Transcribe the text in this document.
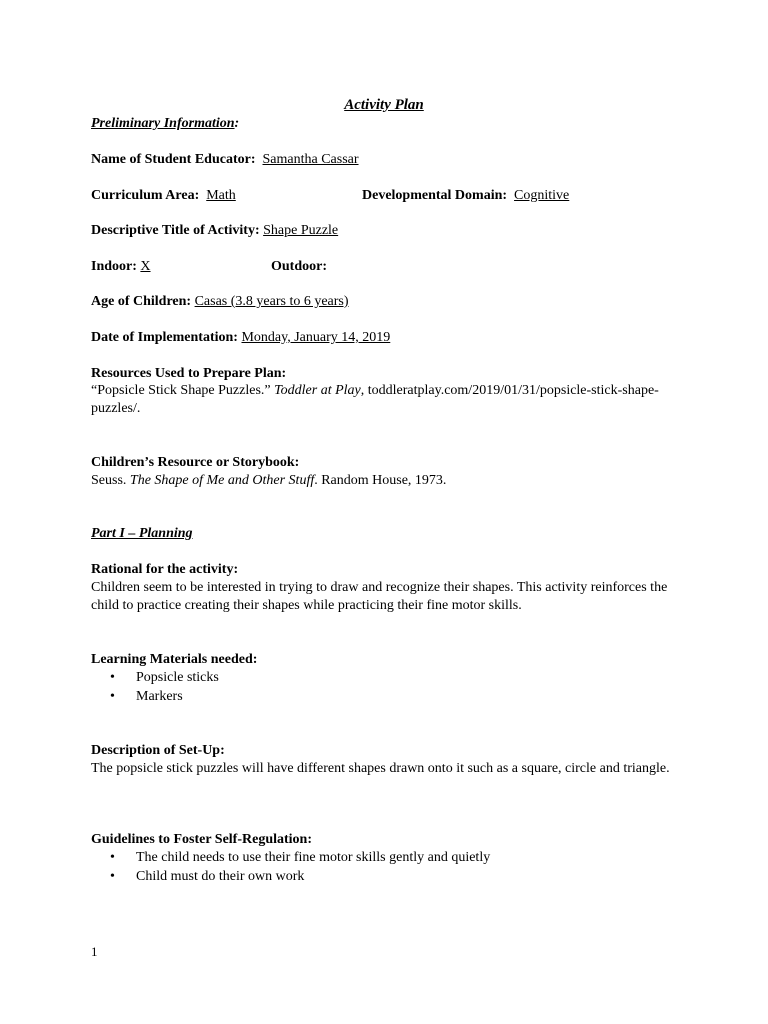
Activity Plan
Preliminary Information:
Name of Student Educator: Samantha Cassar
Curriculum Area: Math	Developmental Domain: Cognitive
Descriptive Title of Activity: Shape Puzzle
Indoor: X	Outdoor:
Age of Children: Casas (3.8 years to 6 years)
Date of Implementation: Monday, January 14, 2019
Resources Used to Prepare Plan:
“Popsicle Stick Shape Puzzles.” Toddler at Play, toddleratplay.com/2019/01/31/popsicle-stick-shape-puzzles/.
Children’s Resource or Storybook:
Seuss. The Shape of Me and Other Stuff. Random House, 1973.
Part I – Planning
Rational for the activity:
Children seem to be interested in trying to draw and recognize their shapes. This activity reinforces the child to practice creating their shapes while practicing their fine motor skills.
Learning Materials needed:
• Popsicle sticks
• Markers
Description of Set-Up:
The popsicle stick puzzles will have different shapes drawn onto it such as a square, circle and triangle.
Guidelines to Foster Self-Regulation:
• The child needs to use their fine motor skills gently and quietly
• Child must do their own work
1
